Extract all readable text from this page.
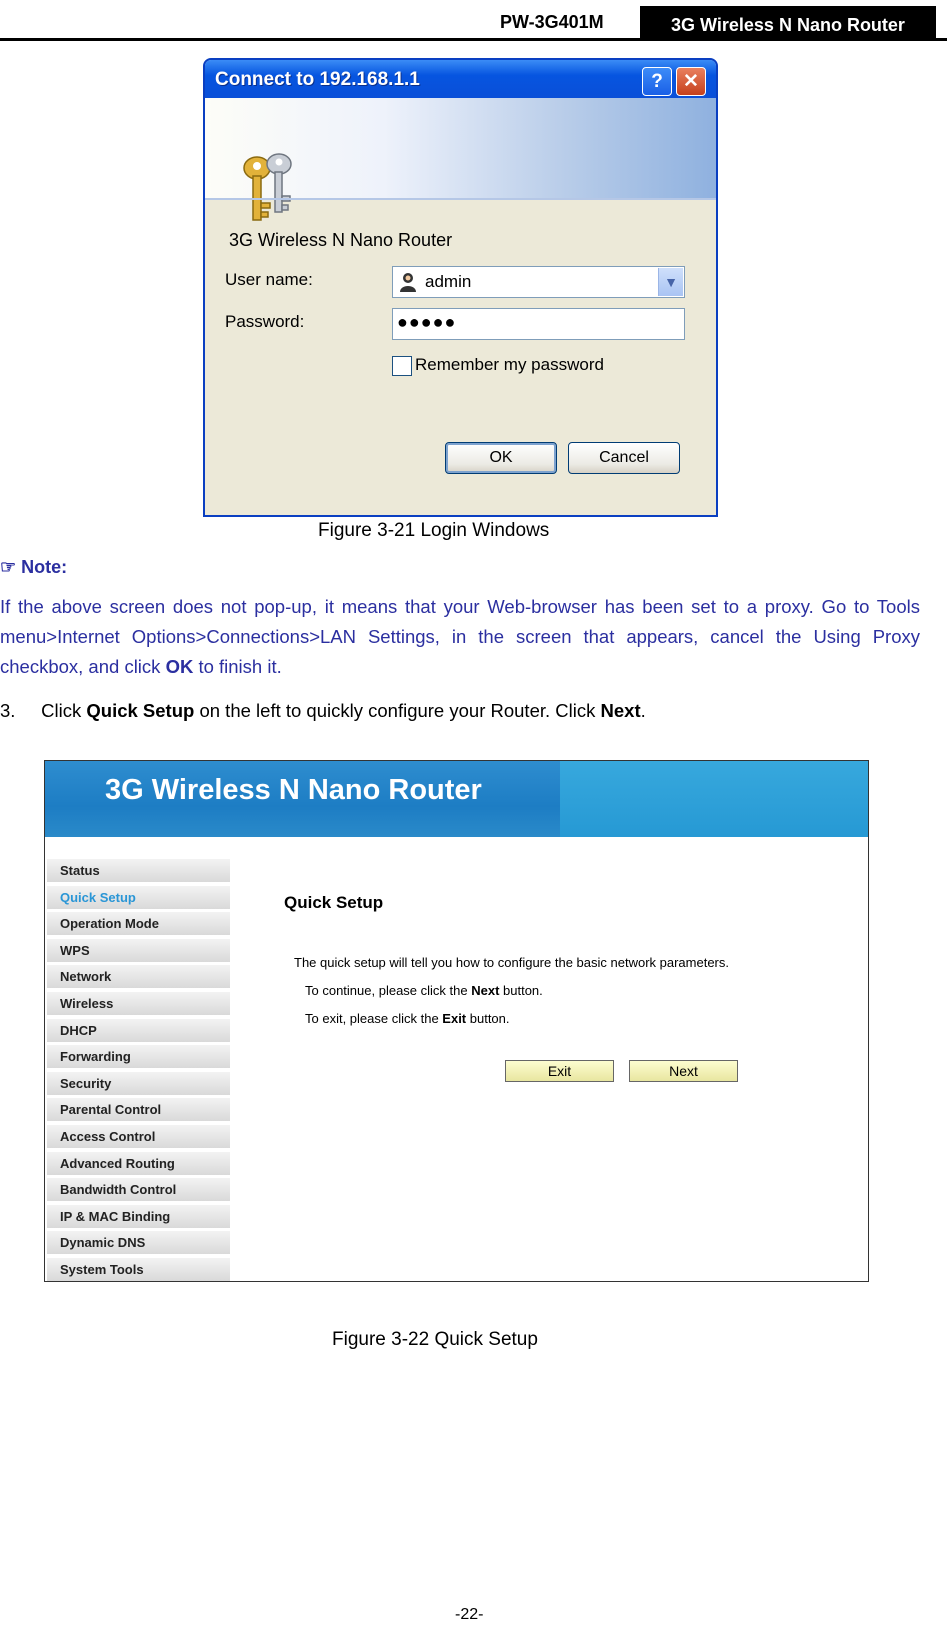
PW-3G401M	3G Wireless N Nano Router
Connect to 192.168.1.1	?	✕
3G Wireless N Nano Router
User name:	admin	▼
Password:	●●●●●
Remember my password
OK	Cancel
Figure 3-21 Login Windows
☞ Note:
If the above screen does not pop-up, it means that your Web-browser has been set to a proxy. Go to Tools menu>Internet Options>Connections>LAN Settings, in the screen that appears, cancel the Using Proxy checkbox, and click OK to finish it.
3. Click Quick Setup on the left to quickly configure your Router. Click Next.
3G Wireless N Nano Router
Status
Quick Setup
Operation Mode
WPS
Network
Wireless
DHCP
Forwarding
Security
Parental Control
Access Control
Advanced Routing
Bandwidth Control
IP & MAC Binding
Dynamic DNS
System Tools
Quick Setup
The quick setup will tell you how to configure the basic network parameters.
To continue, please click the Next button.
To exit, please click the Exit button.
Exit	Next
Figure 3-22 Quick Setup
-22-
